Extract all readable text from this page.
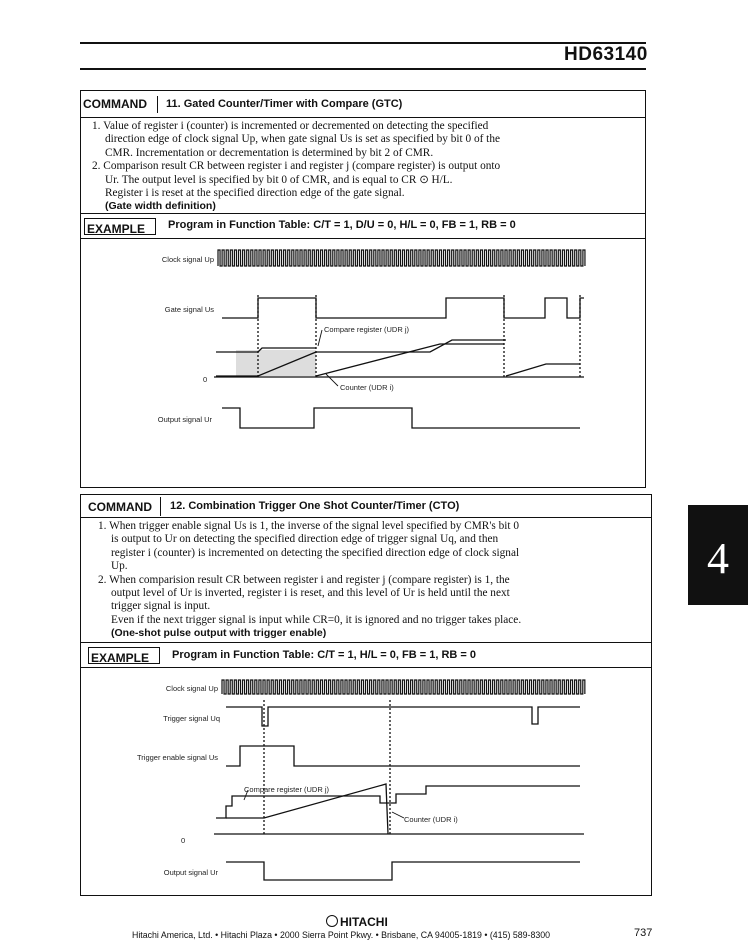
HD63140
4
COMMAND	11. Gated Counter/Timer with Compare (GTC)

1. Value of register i (counter) is incremented or decremented on detecting the specified

direction edge of clock signal Up, when gate signal Us is set as specified by bit 0 of the

CMR. Incrementation or decrementation is determined by bit 2 of CMR.

2. Comparison result CR between register i and register j (compare register) is output onto

Ur. The output level is specified by bit 0 of CMR, and is equal to CR ⊙ H/L.

Register i is reset at the specified direction edge of the gate signal.

(Gate width definition)

EXAMPLE	Program in Function Table: C/T = 1, D/U = 0, H/L = 0, FB = 1, RB = 0
Clock signal Up
Gate signal Us
Compare register (UDR j)
0
Counter (UDR i)
Output signal Ur
COMMAND	12. Combination Trigger One Shot Counter/Timer (CTO)

1. When trigger enable signal Us is 1, the inverse of the signal level specified by CMR's bit 0

is output to Ur on detecting the specified direction edge of trigger signal Uq, and then

register i (counter) is incremented on detecting the specified direction edge of clock signal

Up.

2. When comparision result CR between register i and register j (compare register) is 1, the

output level of Ur is inverted, register i is reset, and this level of Ur is held until the next

trigger signal is input.

Even if the next trigger signal is input while CR=0, it is ignored and no trigger takes place.

(One-shot pulse output with trigger enable)

EXAMPLE	Program in Function Table: C/T = 1, H/L = 0, FB = 1, RB = 0
Clock signal Up
Trigger signal Uq
Trigger enable signal Us
Compare register (UDR j)
0
Counter (UDR i)
Output signal Ur
HITACHI
Hitachi America, Ltd. • Hitachi Plaza • 2000 Sierra Point Pkwy. • Brisbane, CA 94005-1819 • (415) 589-8300	737
